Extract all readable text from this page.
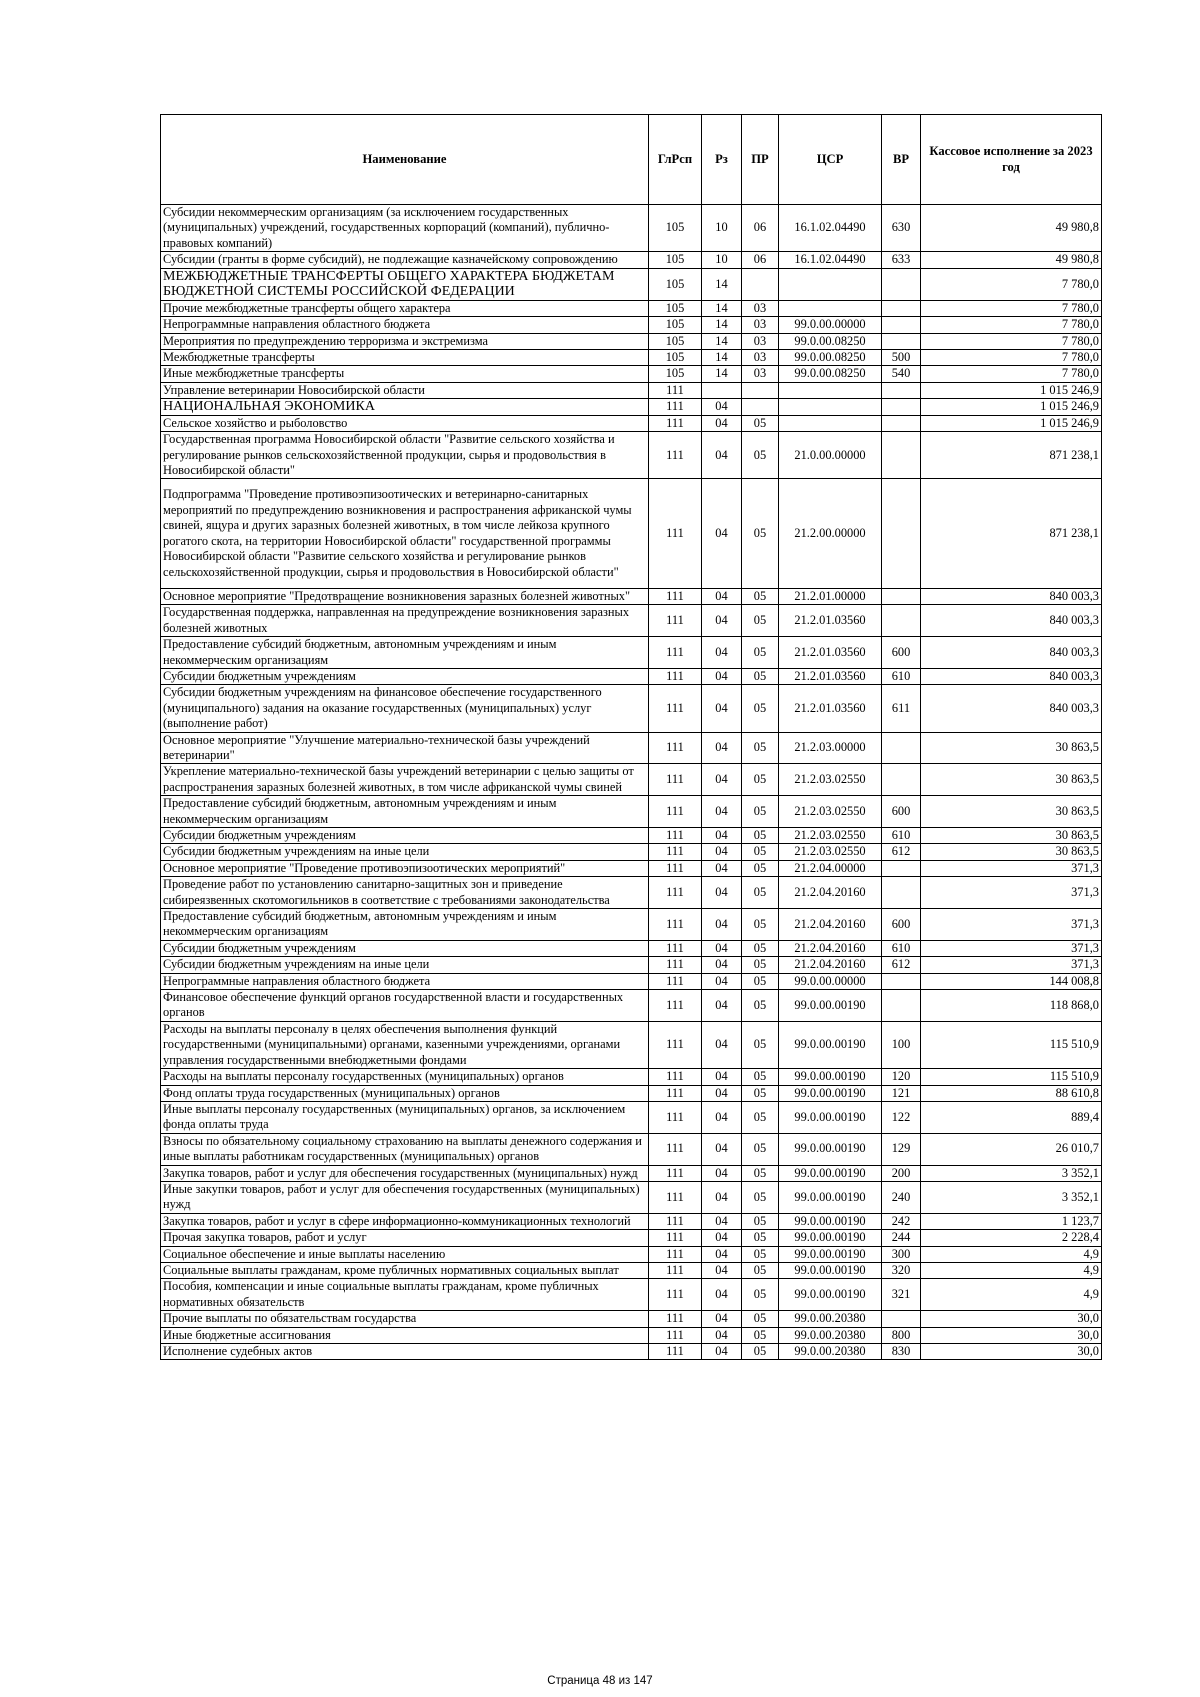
Наименование	ГлРсп	Рз	ПР	ЦСР	ВР	Кассовое исполнение за 2023 год
Субсидии некоммерческим организациям (за исключением государственных (муниципальных) учреждений, государственных корпораций (компаний), публично-правовых компаний)	105	10	06	16.1.02.04490	630	49 980,8
Субсидии (гранты в форме субсидий), не подлежащие казначейскому сопровождению	105	10	06	16.1.02.04490	633	49 980,8
МЕЖБЮДЖЕТНЫЕ ТРАНСФЕРТЫ ОБЩЕГО ХАРАКТЕРА БЮДЖЕТАМ БЮДЖЕТНОЙ СИСТЕМЫ РОССИЙСКОЙ ФЕДЕРАЦИИ	105	14				7 780,0
Прочие межбюджетные трансферты общего характера	105	14	03			7 780,0
Непрограммные направления областного бюджета	105	14	03	99.0.00.00000		7 780,0
Мероприятия по предупреждению терроризма и экстремизма	105	14	03	99.0.00.08250		7 780,0
Межбюджетные трансферты	105	14	03	99.0.00.08250	500	7 780,0
Иные межбюджетные трансферты	105	14	03	99.0.00.08250	540	7 780,0
Управление ветеринарии Новосибирской области	111					1 015 246,9
НАЦИОНАЛЬНАЯ ЭКОНОМИКА	111	04				1 015 246,9
Сельское хозяйство и рыболовство	111	04	05			1 015 246,9
Государственная программа Новосибирской области "Развитие сельского хозяйства и регулирование рынков сельскохозяйственной продукции, сырья и продовольствия в Новосибирской области"	111	04	05	21.0.00.00000		871 238,1
Подпрограмма "Проведение противоэпизоотических и ветеринарно-санитарных мероприятий по предупреждению возникновения и распространения африканской чумы свиней, ящура и других заразных болезней животных, в том числе лейкоза крупного рогатого скота, на территории Новосибирской области" государственной программы Новосибирской области "Развитие сельского хозяйства и регулирование рынков сельскохозяйственной продукции, сырья и продовольствия в Новосибирской области"	111	04	05	21.2.00.00000		871 238,1
Основное мероприятие "Предотвращение возникновения заразных болезней животных"	111	04	05	21.2.01.00000		840 003,3
Государственная поддержка, направленная на предупреждение возникновения заразных болезней животных	111	04	05	21.2.01.03560		840 003,3
Предоставление субсидий бюджетным, автономным учреждениям и иным некоммерческим организациям	111	04	05	21.2.01.03560	600	840 003,3
Субсидии бюджетным учреждениям	111	04	05	21.2.01.03560	610	840 003,3
Субсидии бюджетным учреждениям на финансовое обеспечение государственного (муниципального) задания на оказание государственных (муниципальных) услуг (выполнение работ)	111	04	05	21.2.01.03560	611	840 003,3
Основное мероприятие "Улучшение материально-технической базы учреждений ветеринарии"	111	04	05	21.2.03.00000		30 863,5
Укрепление материально-технической базы учреждений ветеринарии с целью защиты от распространения заразных болезней животных, в том числе африканской чумы свиней	111	04	05	21.2.03.02550		30 863,5
Предоставление субсидий бюджетным, автономным учреждениям и иным некоммерческим организациям	111	04	05	21.2.03.02550	600	30 863,5
Субсидии бюджетным учреждениям	111	04	05	21.2.03.02550	610	30 863,5
Субсидии бюджетным учреждениям на иные цели	111	04	05	21.2.03.02550	612	30 863,5
Основное мероприятие "Проведение противоэпизоотических мероприятий"	111	04	05	21.2.04.00000		371,3
Проведение работ по установлению санитарно-защитных зон и приведение сибиреязвенных скотомогильников в соответствие с требованиями законодательства	111	04	05	21.2.04.20160		371,3
Предоставление субсидий бюджетным, автономным учреждениям и иным некоммерческим организациям	111	04	05	21.2.04.20160	600	371,3
Субсидии бюджетным учреждениям	111	04	05	21.2.04.20160	610	371,3
Субсидии бюджетным учреждениям на иные цели	111	04	05	21.2.04.20160	612	371,3
Непрограммные направления областного бюджета	111	04	05	99.0.00.00000		144 008,8
Финансовое обеспечение функций органов государственной власти и государственных органов	111	04	05	99.0.00.00190		118 868,0
Расходы на выплаты персоналу в целях обеспечения выполнения функций государственными (муниципальными) органами, казенными учреждениями, органами управления государственными внебюджетными фондами	111	04	05	99.0.00.00190	100	115 510,9
Расходы на выплаты персоналу государственных (муниципальных) органов	111	04	05	99.0.00.00190	120	115 510,9
Фонд оплаты труда государственных (муниципальных) органов	111	04	05	99.0.00.00190	121	88 610,8
Иные выплаты персоналу государственных (муниципальных) органов, за исключением фонда оплаты труда	111	04	05	99.0.00.00190	122	889,4
Взносы по обязательному социальному страхованию на выплаты денежного содержания и иные выплаты работникам государственных (муниципальных) органов	111	04	05	99.0.00.00190	129	26 010,7
Закупка товаров, работ и услуг для обеспечения государственных (муниципальных) нужд	111	04	05	99.0.00.00190	200	3 352,1
Иные закупки товаров, работ и услуг для обеспечения государственных (муниципальных) нужд	111	04	05	99.0.00.00190	240	3 352,1
Закупка товаров, работ и услуг в сфере информационно-коммуникационных технологий	111	04	05	99.0.00.00190	242	1 123,7
Прочая закупка товаров, работ и услуг	111	04	05	99.0.00.00190	244	2 228,4
Социальное обеспечение и иные выплаты населению	111	04	05	99.0.00.00190	300	4,9
Социальные выплаты гражданам, кроме публичных нормативных социальных выплат	111	04	05	99.0.00.00190	320	4,9
Пособия, компенсации и иные социальные выплаты гражданам, кроме публичных нормативных обязательств	111	04	05	99.0.00.00190	321	4,9
Прочие выплаты по обязательствам государства	111	04	05	99.0.00.20380		30,0
Иные бюджетные ассигнования	111	04	05	99.0.00.20380	800	30,0
Исполнение судебных актов	111	04	05	99.0.00.20380	830	30,0
Страница 48 из 147
